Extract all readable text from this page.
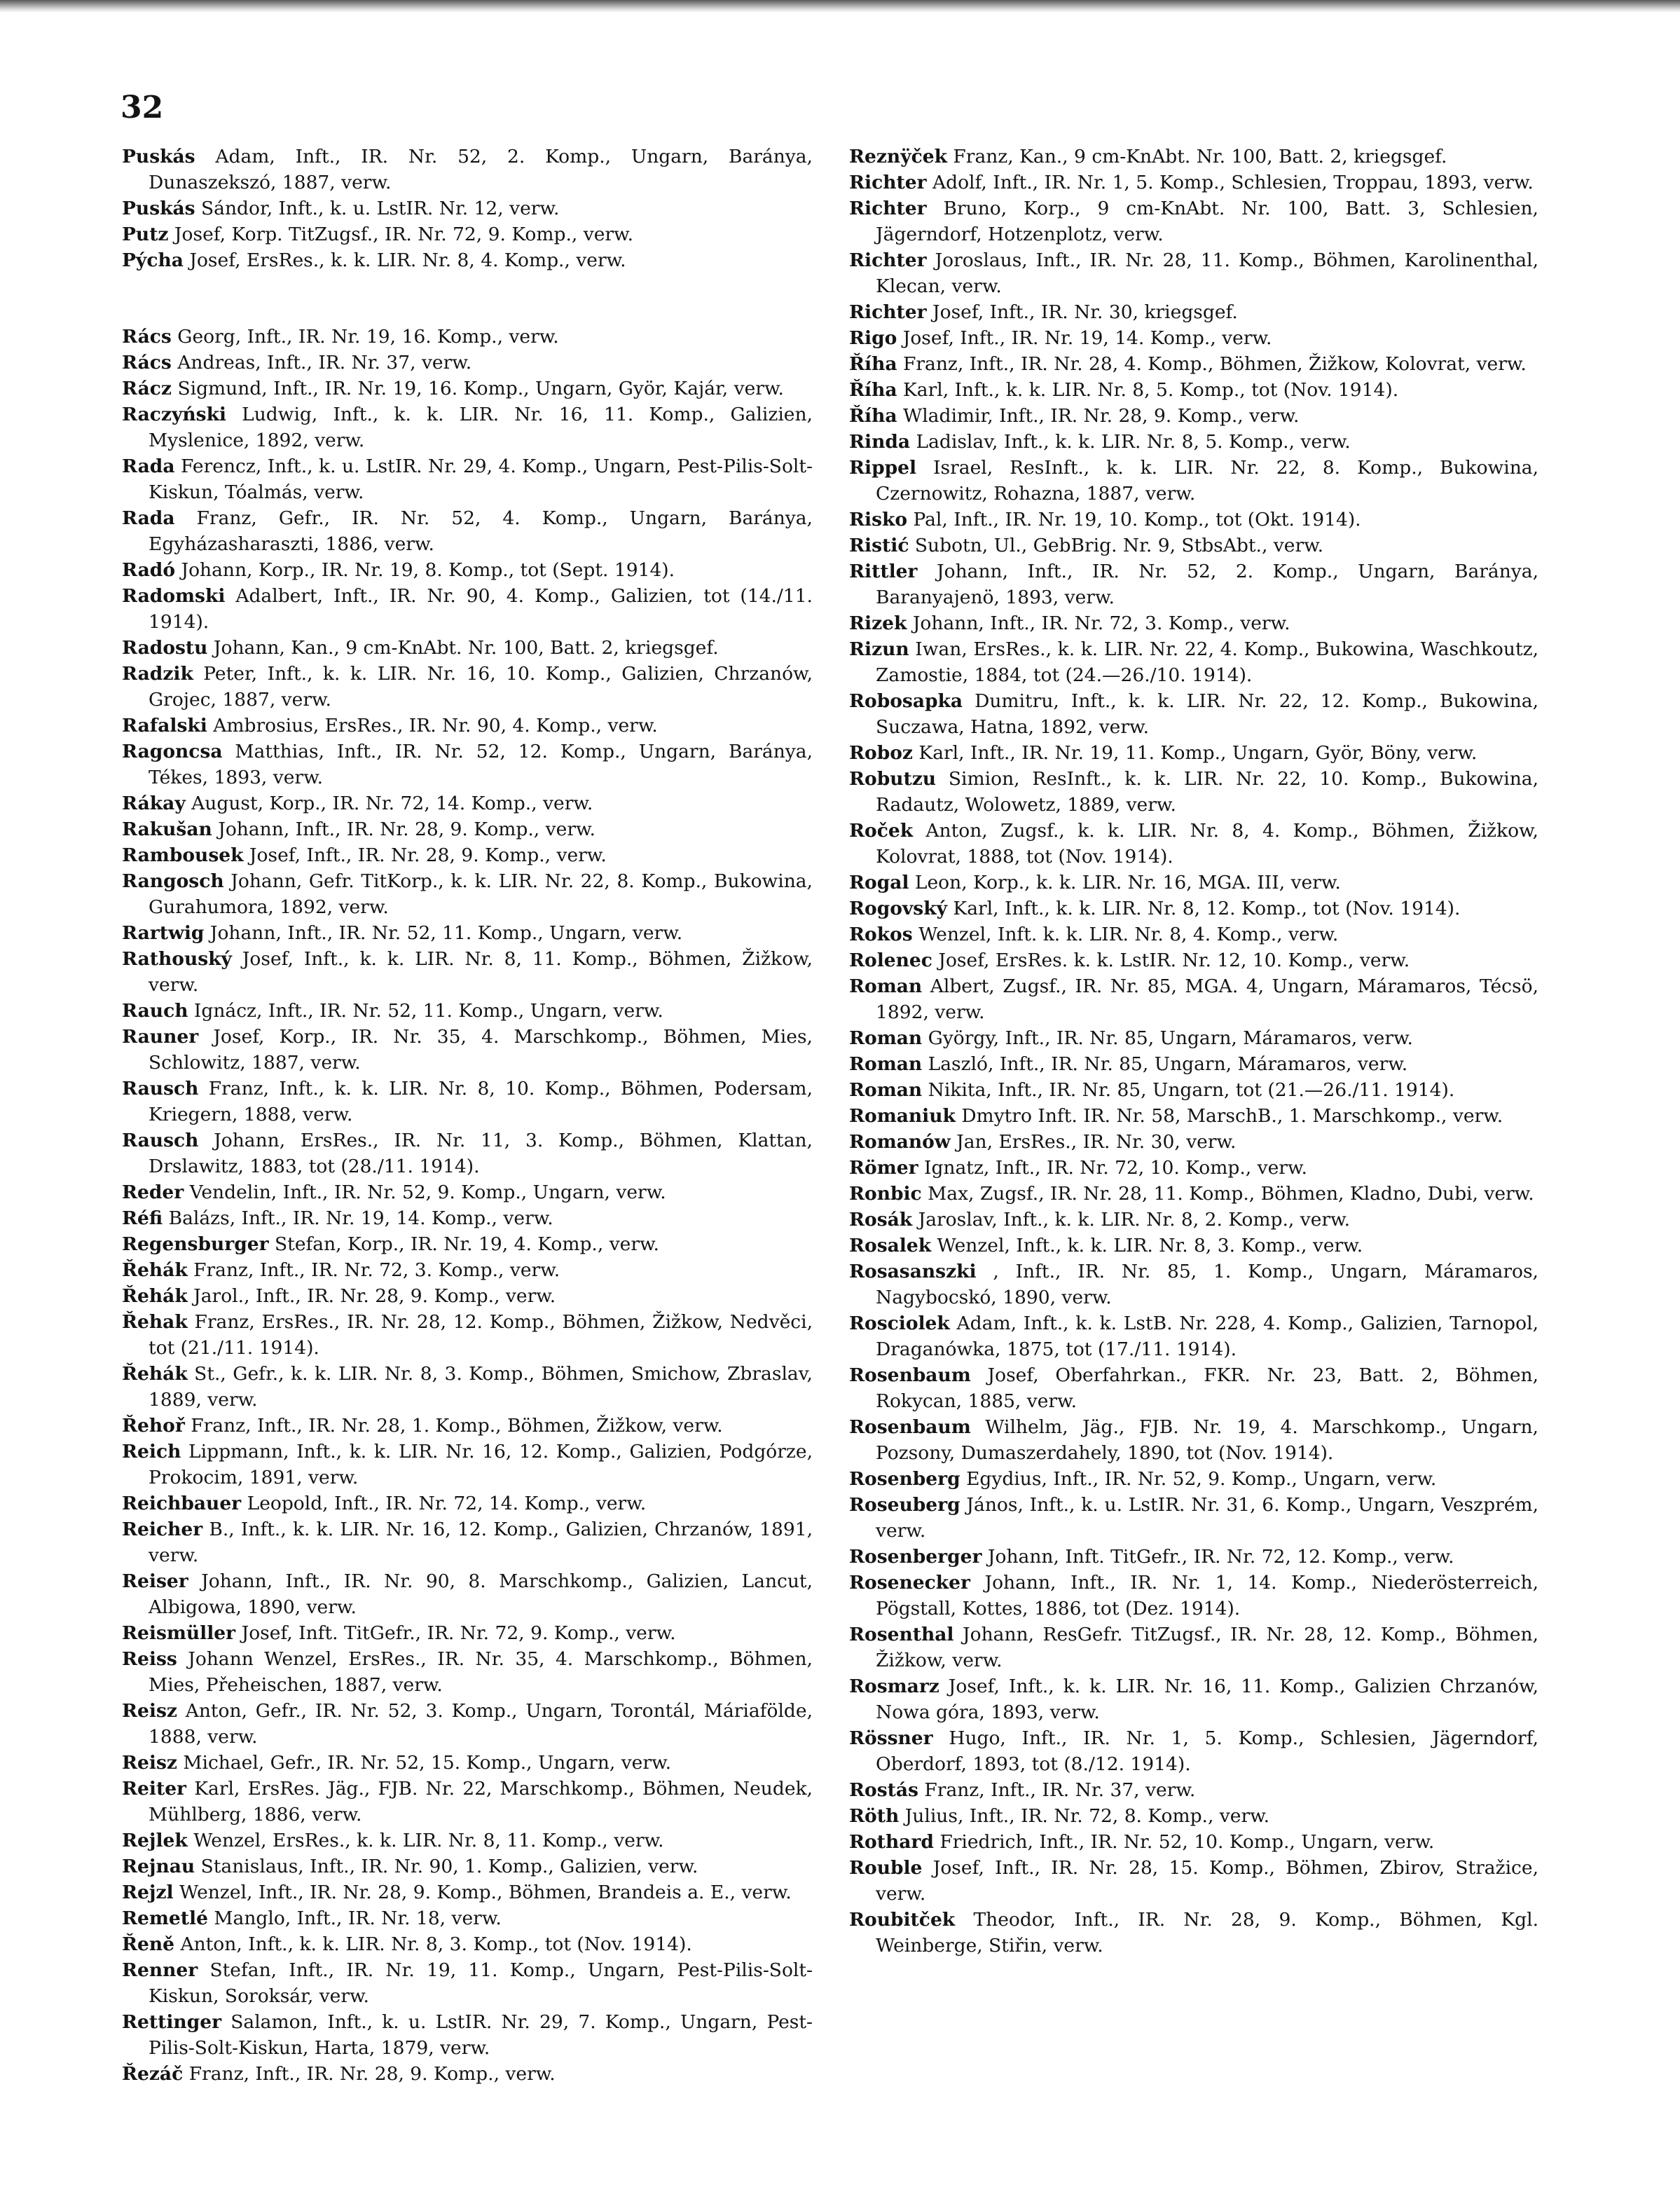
32

Puskás Adam, Inft., IR. Nr. 52, 2. Komp., Ungarn, Baránya, Dunaszekszó, 1887, verw.

Puskás Sándor, Inft., k. u. LstIR. Nr. 12, verw.

Putz Josef, Korp. TitZugsf., IR. Nr. 72, 9. Komp., verw.

Pýcha Josef, ErsRes., k. k. LIR. Nr. 8, 4. Komp., verw.

Rács Georg, Inft., IR. Nr. 19, 16. Komp., verw.

Rács Andreas, Inft., IR. Nr. 37, verw.

Rácz Sigmund, Inft., IR. Nr. 19, 16. Komp., Ungarn, Györ, Kajár, verw.

Raczyński Ludwig, Inft., k. k. LIR. Nr. 16, 11. Komp., Galizien, Myslenice, 1892, verw.

Rada Ferencz, Inft., k. u. LstIR. Nr. 29, 4. Komp., Ungarn, Pest-Pilis-Solt-Kiskun, Tóalmás, verw.

Rada Franz, Gefr., IR. Nr. 52, 4. Komp., Ungarn, Baránya, Egyházasharaszti, 1886, verw.

Radó Johann, Korp., IR. Nr. 19, 8. Komp., tot (Sept. 1914).

Radomski Adalbert, Inft., IR. Nr. 90, 4. Komp., Galizien, tot (14./11. 1914).

Radostu Johann, Kan., 9 cm-KnAbt. Nr. 100, Batt. 2, kriegsgef.

Radzik Peter, Inft., k. k. LIR. Nr. 16, 10. Komp., Galizien, Chrzanów, Grojec, 1887, verw.

Rafalski Ambrosius, ErsRes., IR. Nr. 90, 4. Komp., verw.

Ragoncsa Matthias, Inft., IR. Nr. 52, 12. Komp., Ungarn, Baránya, Tékes, 1893, verw.

Rákay August, Korp., IR. Nr. 72, 14. Komp., verw.

Rakušan Johann, Inft., IR. Nr. 28, 9. Komp., verw.

Rambousek Josef, Inft., IR. Nr. 28, 9. Komp., verw.

Rangosch Johann, Gefr. TitKorp., k. k. LIR. Nr. 22, 8. Komp., Bukowina, Gurahumora, 1892, verw.

Rartwig Johann, Inft., IR. Nr. 52, 11. Komp., Ungarn, verw.

Rathouský Josef, Inft., k. k. LIR. Nr. 8, 11. Komp., Böhmen, Žižkow, verw.

Rauch Ignácz, Inft., IR. Nr. 52, 11. Komp., Ungarn, verw.

Rauner Josef, Korp., IR. Nr. 35, 4. Marschkomp., Böhmen, Mies, Schlowitz, 1887, verw.

Rausch Franz, Inft., k. k. LIR. Nr. 8, 10. Komp., Böhmen, Podersam, Kriegern, 1888, verw.

Rausch Johann, ErsRes., IR. Nr. 11, 3. Komp., Böhmen, Klattan, Drslawitz, 1883, tot (28./11. 1914).

Reder Vendelin, Inft., IR. Nr. 52, 9. Komp., Ungarn, verw.

Réfi Balázs, Inft., IR. Nr. 19, 14. Komp., verw.

Regensburger Stefan, Korp., IR. Nr. 19, 4. Komp., verw.

Řehák Franz, Inft., IR. Nr. 72, 3. Komp., verw.

Řehák Jarol., Inft., IR. Nr. 28, 9. Komp., verw.

Řehak Franz, ErsRes., IR. Nr. 28, 12. Komp., Böhmen, Žižkow, Nedvěci, tot (21./11. 1914).

Řehák St., Gefr., k. k. LIR. Nr. 8, 3. Komp., Böhmen, Smichow, Zbraslav, 1889, verw.

Řehoř Franz, Inft., IR. Nr. 28, 1. Komp., Böhmen, Žižkow, verw.

Reich Lippmann, Inft., k. k. LIR. Nr. 16, 12. Komp., Galizien, Podgórze, Prokocim, 1891, verw.

Reichbauer Leopold, Inft., IR. Nr. 72, 14. Komp., verw.

Reicher B., Inft., k. k. LIR. Nr. 16, 12. Komp., Galizien, Chrzanów, 1891, verw.

Reiser Johann, Inft., IR. Nr. 90, 8. Marschkomp., Galizien, Lancut, Albigowa, 1890, verw.

Reismüller Josef, Inft. TitGefr., IR. Nr. 72, 9. Komp., verw.

Reiss Johann Wenzel, ErsRes., IR. Nr. 35, 4. Marschkomp., Böhmen, Mies, Přeheischen, 1887, verw.

Reisz Anton, Gefr., IR. Nr. 52, 3. Komp., Ungarn, Torontál, Máriafölde, 1888, verw.

Reisz Michael, Gefr., IR. Nr. 52, 15. Komp., Ungarn, verw.

Reiter Karl, ErsRes. Jäg., FJB. Nr. 22, Marschkomp., Böhmen, Neudek, Mühlberg, 1886, verw.

Rejlek Wenzel, ErsRes., k. k. LIR. Nr. 8, 11. Komp., verw.

Rejnau Stanislaus, Inft., IR. Nr. 90, 1. Komp., Galizien, verw.

Rejzl Wenzel, Inft., IR. Nr. 28, 9. Komp., Böhmen, Brandeis a. E., verw.

Remetlé Manglo, Inft., IR. Nr. 18, verw.

Řeně Anton, Inft., k. k. LIR. Nr. 8, 3. Komp., tot (Nov. 1914).

Renner Stefan, Inft., IR. Nr. 19, 11. Komp., Ungarn, Pest-Pilis-Solt-Kiskun, Soroksár, verw.

Rettinger Salamon, Inft., k. u. LstIR. Nr. 29, 7. Komp., Ungarn, Pest-Pilis-Solt-Kiskun, Harta, 1879, verw.

Řezáč Franz, Inft., IR. Nr. 28, 9. Komp., verw.

Reznÿček Franz, Kan., 9 cm-KnAbt. Nr. 100, Batt. 2, kriegsgef.

Richter Adolf, Inft., IR. Nr. 1, 5. Komp., Schlesien, Troppau, 1893, verw.

Richter Bruno, Korp., 9 cm-KnAbt. Nr. 100, Batt. 3, Schlesien, Jägerndorf, Hotzenplotz, verw.

Richter Joroslaus, Inft., IR. Nr. 28, 11. Komp., Böhmen, Karolinenthal, Klecan, verw.

Richter Josef, Inft., IR. Nr. 30, kriegsgef.

Rigo Josef, Inft., IR. Nr. 19, 14. Komp., verw.

Říha Franz, Inft., IR. Nr. 28, 4. Komp., Böhmen, Žižkow, Kolovrat, verw.

Říha Karl, Inft., k. k. LIR. Nr. 8, 5. Komp., tot (Nov. 1914).

Říha Wladimir, Inft., IR. Nr. 28, 9. Komp., verw.

Rinda Ladislav, Inft., k. k. LIR. Nr. 8, 5. Komp., verw.

Rippel Israel, ResInft., k. k. LIR. Nr. 22, 8. Komp., Bukowina, Czernowitz, Rohazna, 1887, verw.

Risko Pal, Inft., IR. Nr. 19, 10. Komp., tot (Okt. 1914).

Ristić Subotn, Ul., GebBrig. Nr. 9, StbsAbt., verw.

Rittler Johann, Inft., IR. Nr. 52, 2. Komp., Ungarn, Baránya, Baranyajenö, 1893, verw.

Rizek Johann, Inft., IR. Nr. 72, 3. Komp., verw.

Rizun Iwan, ErsRes., k. k. LIR. Nr. 22, 4. Komp., Bukowina, Waschkoutz, Zamostie, 1884, tot (24.—26./10. 1914).

Robosapka Dumitru, Inft., k. k. LIR. Nr. 22, 12. Komp., Bukowina, Suczawa, Hatna, 1892, verw.

Roboz Karl, Inft., IR. Nr. 19, 11. Komp., Ungarn, Györ, Böny, verw.

Robutzu Simion, ResInft., k. k. LIR. Nr. 22, 10. Komp., Bukowina, Radautz, Wolowetz, 1889, verw.

Roček Anton, Zugsf., k. k. LIR. Nr. 8, 4. Komp., Böhmen, Žižkow, Kolovrat, 1888, tot (Nov. 1914).

Rogal Leon, Korp., k. k. LIR. Nr. 16, MGA. III, verw.

Rogovský Karl, Inft., k. k. LIR. Nr. 8, 12. Komp., tot (Nov. 1914).

Rokos Wenzel, Inft. k. k. LIR. Nr. 8, 4. Komp., verw.

Rolenec Josef, ErsRes. k. k. LstIR. Nr. 12, 10. Komp., verw.

Roman Albert, Zugsf., IR. Nr. 85, MGA. 4, Ungarn, Máramaros, Técsö, 1892, verw.

Roman György, Inft., IR. Nr. 85, Ungarn, Máramaros, verw.

Roman Laszló, Inft., IR. Nr. 85, Ungarn, Máramaros, verw.

Roman Nikita, Inft., IR. Nr. 85, Ungarn, tot (21.—26./11. 1914).

Romaniuk Dmytro Inft. IR. Nr. 58, MarschB., 1. Marschkomp., verw.

Romanów Jan, ErsRes., IR. Nr. 30, verw.

Römer Ignatz, Inft., IR. Nr. 72, 10. Komp., verw.

Ronbic Max, Zugsf., IR. Nr. 28, 11. Komp., Böhmen, Kladno, Dubi, verw.

Rosák Jaroslav, Inft., k. k. LIR. Nr. 8, 2. Komp., verw.

Rosalek Wenzel, Inft., k. k. LIR. Nr. 8, 3. Komp., verw.

Rosasanszki , Inft., IR. Nr. 85, 1. Komp., Ungarn, Máramaros, Nagybocskó, 1890, verw.

Rosciolek Adam, Inft., k. k. LstB. Nr. 228, 4. Komp., Galizien, Tarnopol, Draganówka, 1875, tot (17./11. 1914).

Rosenbaum Josef, Oberfahrkan., FKR. Nr. 23, Batt. 2, Böhmen, Rokycan, 1885, verw.

Rosenbaum Wilhelm, Jäg., FJB. Nr. 19, 4. Marschkomp., Ungarn, Pozsony, Dumaszerdahely, 1890, tot (Nov. 1914).

Rosenberg Egydius, Inft., IR. Nr. 52, 9. Komp., Ungarn, verw.

Roseuberg János, Inft., k. u. LstIR. Nr. 31, 6. Komp., Ungarn, Veszprém, verw.

Rosenberger Johann, Inft. TitGefr., IR. Nr. 72, 12. Komp., verw.

Rosenecker Johann, Inft., IR. Nr. 1, 14. Komp., Niederösterreich, Pögstall, Kottes, 1886, tot (Dez. 1914).

Rosenthal Johann, ResGefr. TitZugsf., IR. Nr. 28, 12. Komp., Böhmen, Žižkow, verw.

Rosmarz Josef, Inft., k. k. LIR. Nr. 16, 11. Komp., Galizien Chrzanów, Nowa góra, 1893, verw.

Rössner Hugo, Inft., IR. Nr. 1, 5. Komp., Schlesien, Jägerndorf, Oberdorf, 1893, tot (8./12. 1914).

Rostás Franz, Inft., IR. Nr. 37, verw.

Röth Julius, Inft., IR. Nr. 72, 8. Komp., verw.

Rothard Friedrich, Inft., IR. Nr. 52, 10. Komp., Ungarn, verw.

Rouble Josef, Inft., IR. Nr. 28, 15. Komp., Böhmen, Zbirov, Stražice, verw.

Roubitček Theodor, Inft., IR. Nr. 28, 9. Komp., Böhmen, Kgl. Weinberge, Stiřin, verw.
